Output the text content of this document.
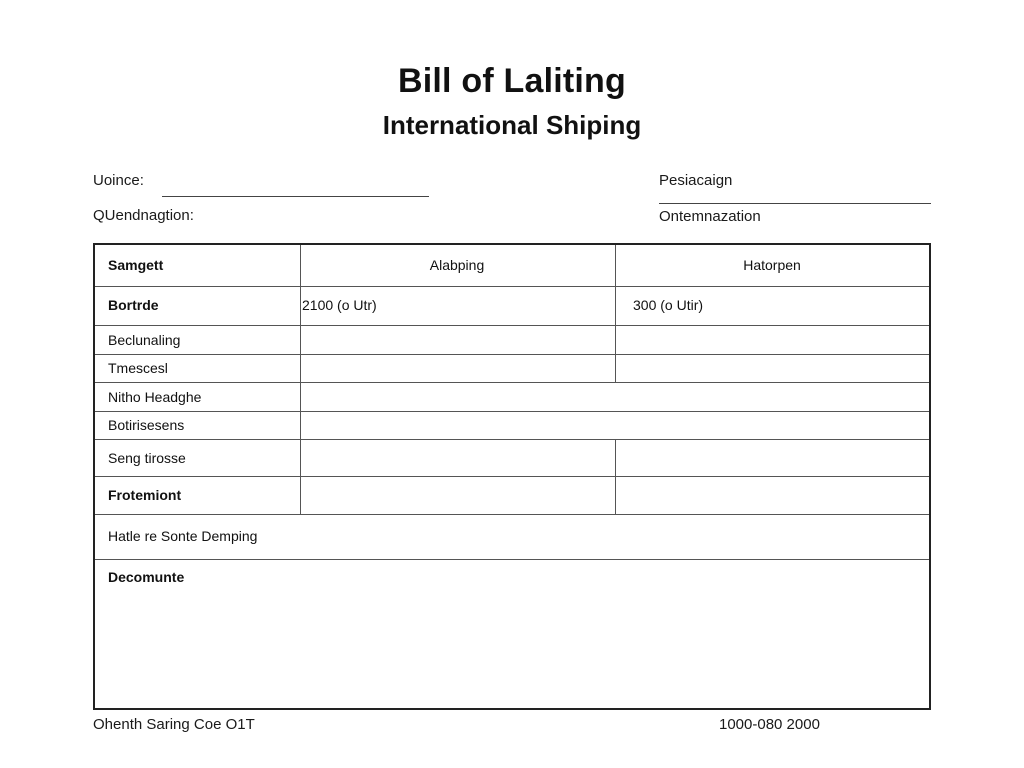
Bill of Laliting
International Shiping
Uoince:
QUendnagtion:
Pesiacaign
Ontemnazation
Samgett	Alabping	Hatorpen
Bortrde	2100 (o Utr)	300 (o Utir)
Beclunaling
Tmescesl
Nitho Headghe
Botirisesens
Seng tirosse
Frotemiont
Hatle re Sonte Demping
Decomunte
Ohenth Saring Coe O1T	1000-080 2000
